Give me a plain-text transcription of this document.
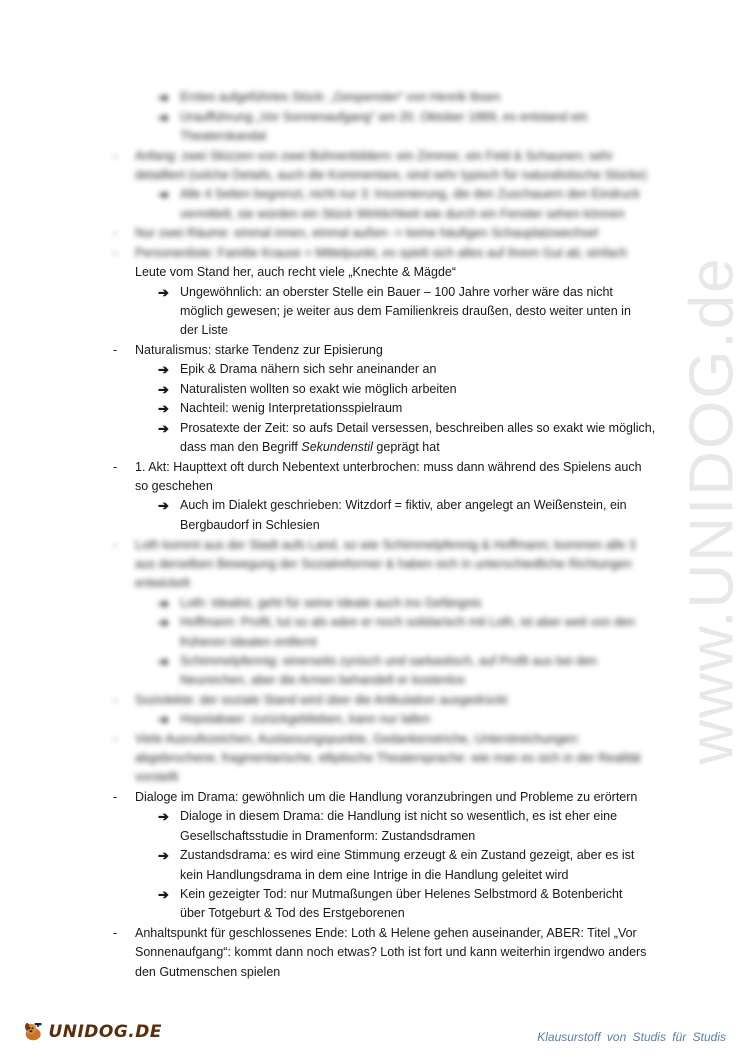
www.UNIDOG.de
➔ Erstes aufgeführtes Stück: „Gespenster“ von Henrik Ibsen
➔ Uraufführung „Vor Sonnenaufgang“ am 20. Oktober 1889, es entstand ein
Theaterskandal
- Anfang: zwei Skizzen von zwei Bühnenbildern: ein Zimmer, ein Feld & Schaunen; sehr
detailliert (solche Details, auch die Kommentare, sind sehr typisch für naturalistische Stücke)
➔ Alle 4 Seiten begrenzt, nicht nur 3: Inszenierung, die den Zuschauern den Eindruck
vermittelt, sie würden ein Stück Wirklichkeit wie durch ein Fenster sehen können
- Nur zwei Räume: einmal innen, einmal außen -> keine häufigen Schauplatzwechsel
- Personenliste: Familie Krause = Mittelpunkt, es spielt sich alles auf ihrem Gut ab; einfach
Leute vom Stand her, auch recht viele „Knechte & Mägde“
➔ Ungewöhnlich: an oberster Stelle ein Bauer – 100 Jahre vorher wäre das nicht
möglich gewesen; je weiter aus dem Familienkreis draußen, desto weiter unten in
der Liste
- Naturalismus: starke Tendenz zur Episierung
➔ Epik & Drama nähern sich sehr aneinander an
➔ Naturalisten wollten so exakt wie möglich arbeiten
➔ Nachteil: wenig Interpretationsspielraum
➔ Prosatexte der Zeit: so aufs Detail versessen, beschreiben alles so exakt wie möglich,
dass man den Begriff Sekundenstil geprägt hat
- 1. Akt: Haupttext oft durch Nebentext unterbrochen: muss dann während des Spielens auch
so geschehen
➔ Auch im Dialekt geschrieben: Witzdorf = fiktiv, aber angelegt an Weißenstein, ein
Bergbaudorf in Schlesien
- Loth kommt aus der Stadt aufs Land, so wie Schimmelpfennig & Hoffmann; kommen alle 3
aus derselben Bewegung der Sozialreformer & haben sich in unterschiedliche Richtungen
entwickelt
➔ Loth: Idealist, geht für seine Ideale auch ins Gefängnis
➔ Hoffmann: Profit, tut so als wäre er noch solidarisch mit Loth, ist aber weit von den
früheren Idealen entfernt
➔ Schimmelpfennig: einerseits zynisch und sarkastisch, auf Profit aus bei den
Neureichen, aber die Armen behandelt er kostenlos
- Soziolekte: der soziale Stand wird über die Artikulation ausgedrückt
➔ Hopslabaer: zurückgeblieben, kann nur lallen
- Viele Ausrufezeichen, Auslassungspunkte, Gedankenstriche, Unterstreichungen:
abgebrochene, fragmentarische, elliptische Theatersprache: wie man es sich in der Realität
vorstellt
- Dialoge im Drama: gewöhnlich um die Handlung voranzubringen und Probleme zu erörtern
➔ Dialoge in diesem Drama: die Handlung ist nicht so wesentlich, es ist eher eine
Gesellschaftsstudie in Dramenform: Zustandsdramen
➔ Zustandsdrama: es wird eine Stimmung erzeugt & ein Zustand gezeigt, aber es ist
kein Handlungsdrama in dem eine Intrige in die Handlung geleitet wird
➔ Kein gezeigter Tod: nur Mutmaßungen über Helenes Selbstmord & Botenbericht
über Totgeburt & Tod des Erstgeborenen
- Anhaltspunkt für geschlossenes Ende: Loth & Helene gehen auseinander, ABER: Titel „Vor
Sonnenaufgang“: kommt dann noch etwas? Loth ist fort und kann weiterhin irgendwo anders
den Gutmenschen spielen
UNIDOG.DE	Klausurstoff von Studis für Studis
